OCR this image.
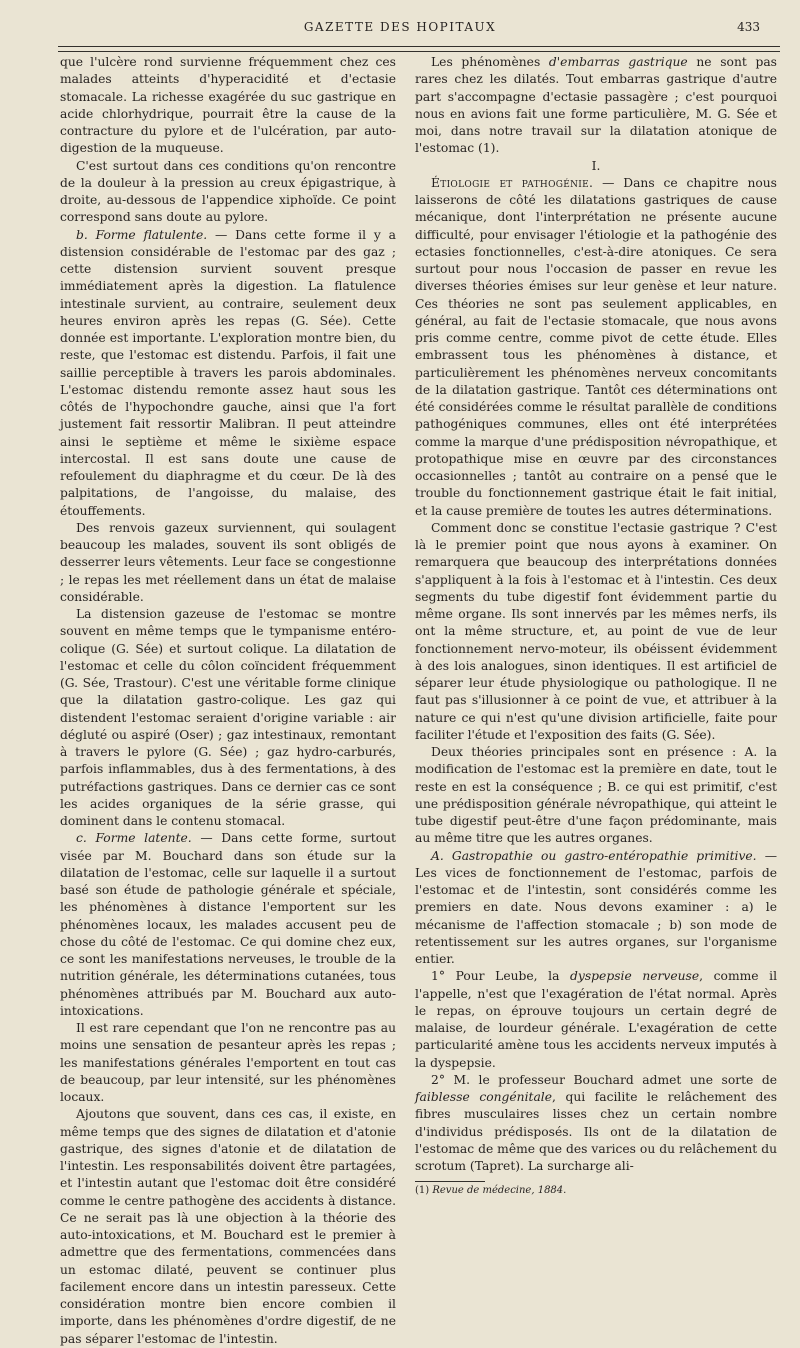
GAZETTE DES HOPITAUX	433

que l'ulcère rond survienne fréquemment chez ces malades atteints d'hyperacidité et d'ectasie stomacale. La richesse exagérée du suc gastrique en acide chlorhydrique, pourrait être la cause de la contracture du pylore et de l'ulcération, par auto-digestion de la muqueuse.

C'est surtout dans ces conditions qu'on rencontre de la douleur à la pression au creux épigastrique, à droite, au-dessous de l'appendice xiphoïde. Ce point correspond sans doute au pylore.

b. Forme flatulente. — Dans cette forme il y a distension considérable de l'estomac par des gaz ; cette distension survient souvent presque immédiatement après la digestion. La flatulence intestinale survient, au contraire, seulement deux heures environ après les repas (G. Sée). Cette donnée est importante. L'exploration montre bien, du reste, que l'estomac est distendu. Parfois, il fait une saillie perceptible à travers les parois abdominales. L'estomac distendu remonte assez haut sous les côtés de l'hypochondre gauche, ainsi que l'a fort justement fait ressortir Malibran. Il peut atteindre ainsi le septième et même le sixième espace intercostal. Il est sans doute une cause de refoulement du diaphragme et du cœur. De là des palpitations, de l'angoisse, du malaise, des étouffements.

Des renvois gazeux surviennent, qui soulagent beaucoup les malades, souvent ils sont obligés de desserrer leurs vêtements. Leur face se congestionne ; le repas les met réellement dans un état de malaise considérable.

La distension gazeuse de l'estomac se montre souvent en même temps que le tympanisme entéro-colique (G. Sée) et surtout colique. La dilatation de l'estomac et celle du côlon coïncident fréquemment (G. Sée, Trastour). C'est une véritable forme clinique que la dilatation gastro-colique. Les gaz qui distendent l'estomac seraient d'origine variable : air dégluté ou aspiré (Oser) ; gaz intestinaux, remontant à travers le pylore (G. Sée) ; gaz hydro-carburés, parfois inflammables, dus à des fermentations, à des putréfactions gastriques. Dans ce dernier cas ce sont les acides organiques de la série grasse, qui dominent dans le contenu stomacal.

c. Forme latente. — Dans cette forme, surtout visée par M. Bouchard dans son étude sur la dilatation de l'estomac, celle sur laquelle il a surtout basé son étude de pathologie générale et spéciale, les phénomènes à distance l'emportent sur les phénomènes locaux, les malades accusent peu de chose du côté de l'estomac. Ce qui domine chez eux, ce sont les manifestations nerveuses, le trouble de la nutrition générale, les déterminations cutanées, tous phénomènes attribués par M. Bouchard aux auto-intoxications.

Il est rare cependant que l'on ne rencontre pas au moins une sensation de pesanteur après les repas ; les manifestations générales l'emportent en tout cas de beaucoup, par leur intensité, sur les phénomènes locaux.

Ajoutons que souvent, dans ces cas, il existe, en même temps que des signes de dilatation et d'atonie gastrique, des signes d'atonie et de dilatation de l'intestin. Les responsabilités doivent être partagées, et l'intestin autant que l'estomac doit être considéré comme le centre pathogène des accidents à distance. Ce ne serait pas là une objection à la théorie des auto-intoxications, et M. Bouchard est le premier à admettre que des fermentations, commencées dans un estomac dilaté, peuvent se continuer plus facilement encore dans un intestin paresseux. Cette considération montre bien encore combien il importe, dans les phénomènes d'ordre digestif, de ne pas séparer l'estomac de l'intestin.

Les phénomènes d'embarras gastrique ne sont pas rares chez les dilatés. Tout embarras gastrique d'autre part s'accompagne d'ectasie passagère ; c'est pourquoi nous en avions fait une forme particulière, M. G. Sée et moi, dans notre travail sur la dilatation atonique de l'estomac (1).

I.

Étiologie et pathogénie. — Dans ce chapitre nous laisserons de côté les dilatations gastriques de cause mécanique, dont l'interprétation ne présente aucune difficulté, pour envisager l'étiologie et la pathogénie des ectasies fonctionnelles, c'est-à-dire atoniques. Ce sera surtout pour nous l'occasion de passer en revue les diverses théories émises sur leur genèse et leur nature. Ces théories ne sont pas seulement applicables, en général, au fait de l'ectasie stomacale, que nous avons pris comme centre, comme pivot de cette étude. Elles embrassent tous les phénomènes à distance, et particulièrement les phénomènes nerveux concomitants de la dilatation gastrique. Tantôt ces déterminations ont été considérées comme le résultat parallèle de conditions pathogéniques communes, elles ont été interprétées comme la marque d'une prédisposition névropathique, et protopathique mise en œuvre par des circonstances occasionnelles ; tantôt au contraire on a pensé que le trouble du fonctionnement gastrique était le fait initial, et la cause première de toutes les autres déterminations.

Comment donc se constitue l'ectasie gastrique ? C'est là le premier point que nous ayons à examiner. On remarquera que beaucoup des interprétations données s'appliquent à la fois à l'estomac et à l'intestin. Ces deux segments du tube digestif font évidemment partie du même organe. Ils sont innervés par les mêmes nerfs, ils ont la même structure, et, au point de vue de leur fonctionnement nervo-moteur, ils obéissent évidemment à des lois analogues, sinon identiques. Il est artificiel de séparer leur étude physiologique ou pathologique. Il ne faut pas s'illusionner à ce point de vue, et attribuer à la nature ce qui n'est qu'une division artificielle, faite pour faciliter l'étude et l'exposition des faits (G. Sée).

Deux théories principales sont en présence : A. la modification de l'estomac est la première en date, tout le reste en est la conséquence ; B. ce qui est primitif, c'est une prédisposition générale névropathique, qui atteint le tube digestif peut-être d'une façon prédominante, mais au même titre que les autres organes.

A. Gastropathie ou gastro-entéropathie primitive. — Les vices de fonctionnement de l'estomac, parfois de l'estomac et de l'intestin, sont considérés comme les premiers en date. Nous devons examiner : a) le mécanisme de l'affection stomacale ; b) son mode de retentissement sur les autres organes, sur l'organisme entier.

1° Pour Leube, la dyspepsie nerveuse, comme il l'appelle, n'est que l'exagération de l'état normal. Après le repas, on éprouve toujours un certain degré de malaise, de lourdeur générale. L'exagération de cette particularité amène tous les accidents nerveux imputés à la dyspepsie.

2° M. le professeur Bouchard admet une sorte de faiblesse congénitale, qui facilite le relâchement des fibres musculaires lisses chez un certain nombre d'individus prédisposés. Ils ont de la dilatation de l'estomac de même que des varices ou du relâchement du scrotum (Tapret). La surcharge ali-

(1) Revue de médecine, 1884.
